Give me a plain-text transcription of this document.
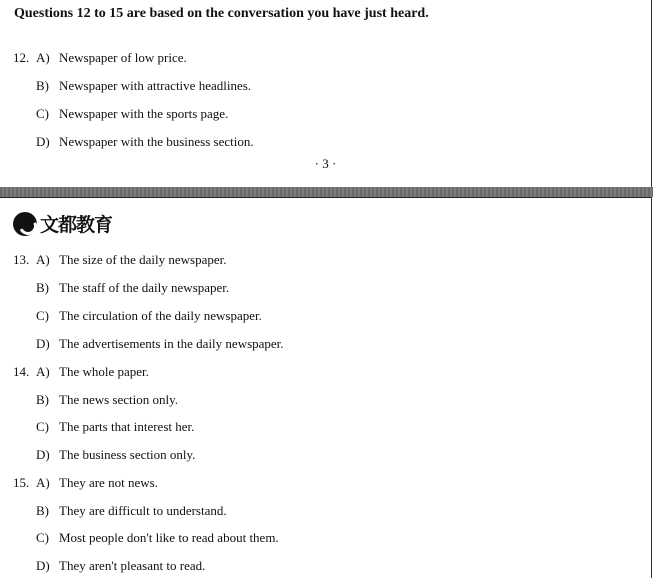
Questions 12 to 15 are based on the conversation you have just heard.
· 3 ·
文都教育
12. A) Newspaper of low price.
B) Newspaper with attractive headlines.
C) Newspaper with the sports page.
D) Newspaper with the business section.
13. A) The size of the daily newspaper.
B) The staff of the daily newspaper.
C) The circulation of the daily newspaper.
D) The advertisements in the daily newspaper.
14. A) The whole paper.
B) The news section only.
C) The parts that interest her.
D) The business section only.
15. A) They are not news.
B) They are difficult to understand.
C) Most people don't like to read about them.
D) They aren't pleasant to read.
